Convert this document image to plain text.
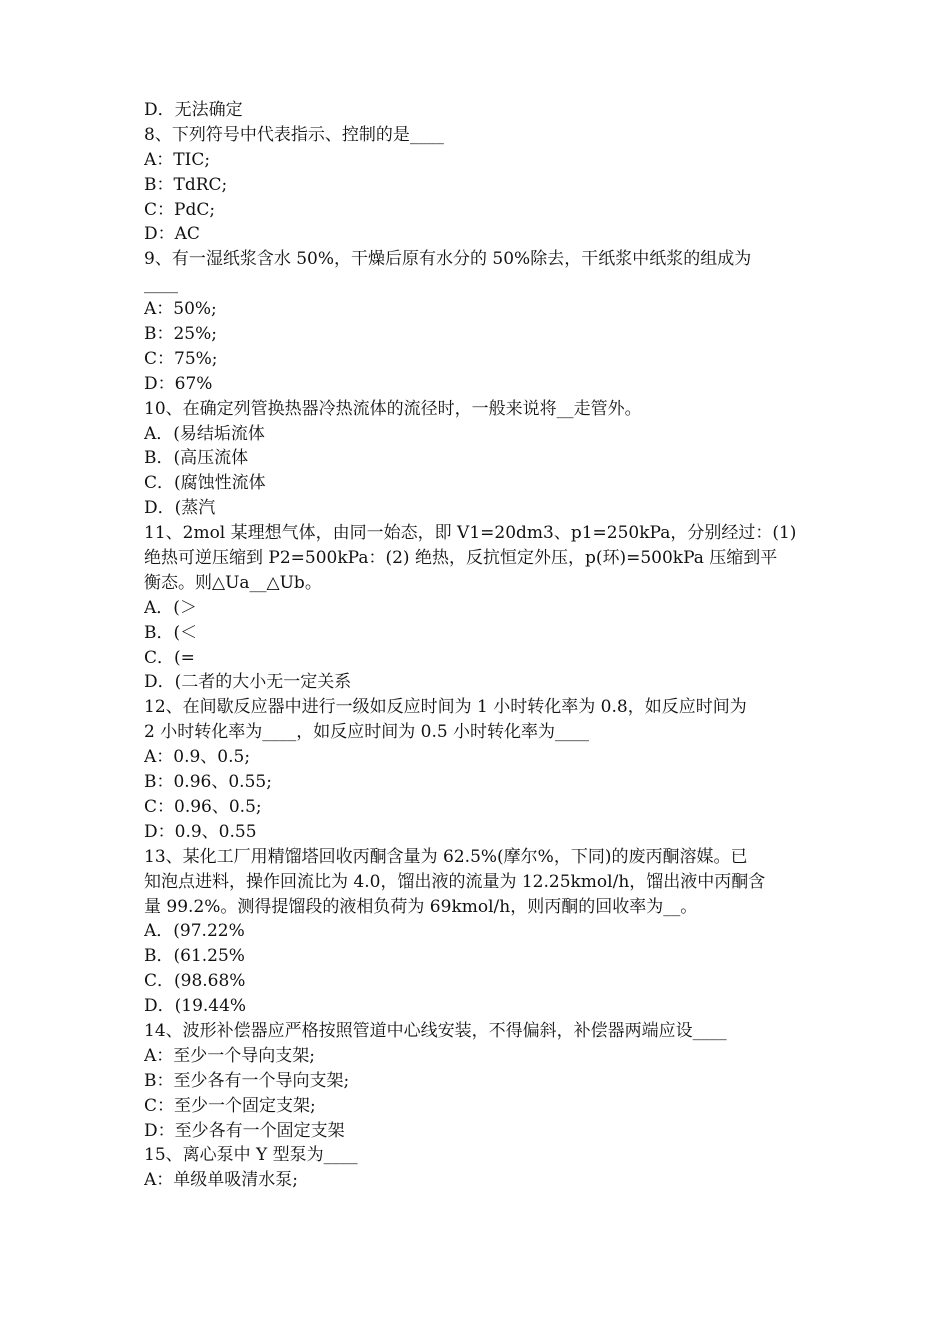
D．无法确定
8、下列符号中代表指示、控制的是____
A：TIC;
B：TdRC;
C：PdC;
D：AC
9、有一湿纸浆含水 50%，干燥后原有水分的 50%除去，干纸浆中纸浆的组成为
____
A：50%;
B：25%;
C：75%;
D：67%
10、在确定列管换热器冷热流体的流径时，一般来说将__走管外。
A．(易结垢流体
B．(高压流体
C．(腐蚀性流体
D．(蒸汽
11、2mol 某理想气体，由同一始态，即 V1=20dm3、p1=250kPa，分别经过：(1)
绝热可逆压缩到 P2=500kPa：(2) 绝热，反抗恒定外压，p(环)=500kPa 压缩到平
衡态。则△Ua__△Ub。
A．(＞
B．(＜
C．(=
D．(二者的大小无一定关系
12、在间歇反应器中进行一级如反应时间为 1 小时转化率为 0.8，如反应时间为
2 小时转化率为____，如反应时间为 0.5 小时转化率为____
A：0.9、0.5;
B：0.96、0.55;
C：0.96、0.5;
D：0.9、0.55
13、某化工厂用精馏塔回收丙酮含量为 62.5%(摩尔%，下同)的废丙酮溶媒。已
知泡点进料，操作回流比为 4.0，馏出液的流量为 12.25kmol/h，馏出液中丙酮含
量 99.2%。测得提馏段的液相负荷为 69kmol/h，则丙酮的回收率为__。
A．(97.22%
B．(61.25%
C．(98.68%
D．(19.44%
14、波形补偿器应严格按照管道中心线安装，不得偏斜，补偿器两端应设____
A：至少一个导向支架;
B：至少各有一个导向支架;
C：至少一个固定支架;
D：至少各有一个固定支架
15、离心泵中 Y 型泵为____
A：单级单吸清水泵;
